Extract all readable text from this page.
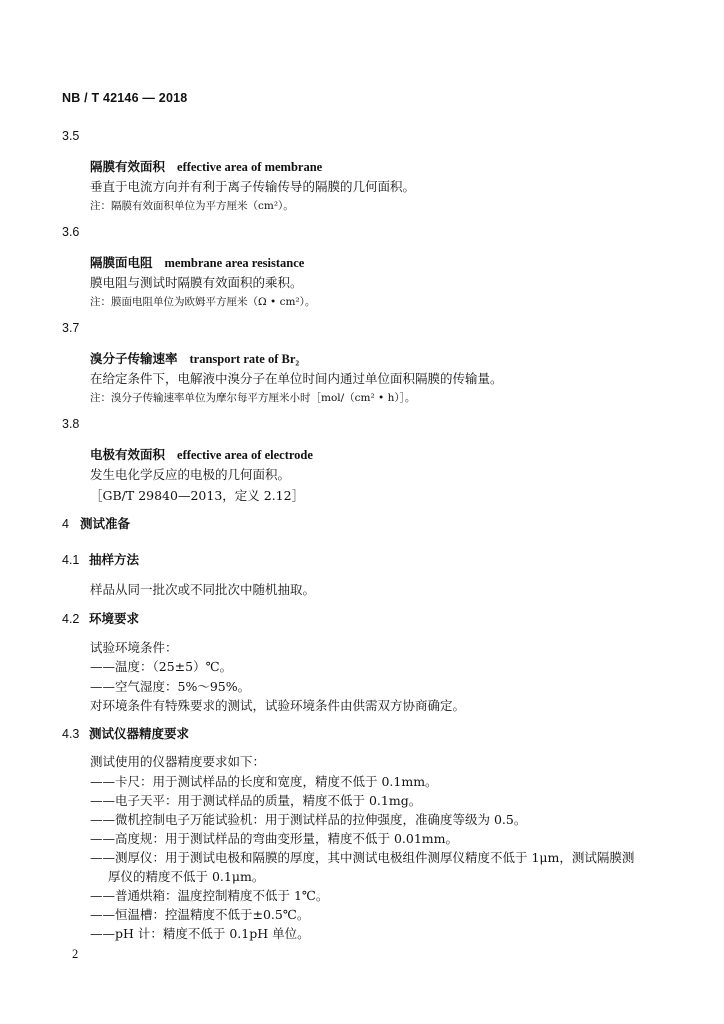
NB / T 42146 — 2018
3.5
隔膜有效面积 effective area of membrane
垂直于电流方向并有利于离子传输传导的隔膜的几何面积。
注：隔膜有效面积单位为平方厘米（cm²）。
3.6
隔膜面电阻 membrane area resistance
膜电阻与测试时隔膜有效面积的乘积。
注：膜面电阻单位为欧姆平方厘米（Ω • cm²）。
3.7
溴分子传输速率 transport rate of Br₂
在给定条件下，电解液中溴分子在单位时间内通过单位面积隔膜的传输量。
注：溴分子传输速率单位为摩尔每平方厘米小时［mol/（cm² • h）］。
3.8
电极有效面积 effective area of electrode
发生电化学反应的电极的几何面积。
［GB/T 29840—2013，定义 2.12］
4 测试准备
4.1 抽样方法
样品从同一批次或不同批次中随机抽取。
4.2 环境要求
试验环境条件：
——温度：（25±5）℃。
——空气湿度：5%～95%。
对环境条件有特殊要求的测试，试验环境条件由供需双方协商确定。
4.3 测试仪器精度要求
测试使用的仪器精度要求如下：
——卡尺：用于测试样品的长度和宽度，精度不低于 0.1mm。
——电子天平：用于测试样品的质量，精度不低于 0.1mg。
——微机控制电子万能试验机：用于测试样品的拉伸强度，准确度等级为 0.5。
——高度规：用于测试样品的弯曲变形量，精度不低于 0.01mm。
——测厚仪：用于测试电极和隔膜的厚度，其中测试电极组件测厚仪精度不低于 1μm，测试隔膜测
厚仪的精度不低于 0.1μm。
——普通烘箱：温度控制精度不低于 1℃。
——恒温槽：控温精度不低于±0.5℃。
——pH 计：精度不低于 0.1pH 单位。
2
